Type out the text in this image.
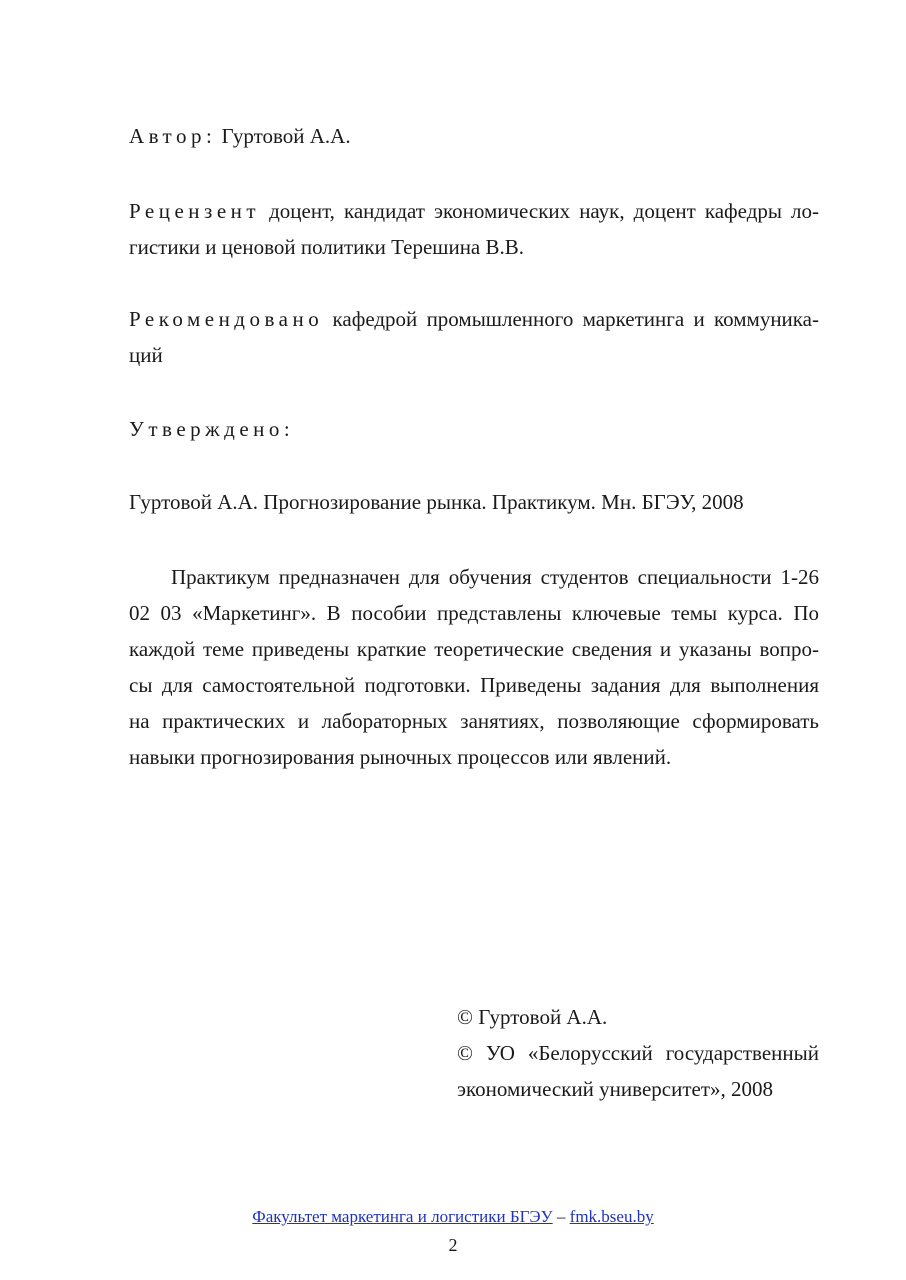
Автор: Гуртовой А.А.
Рецензент доцент, кандидат экономических наук, доцент кафедры ло-
гистики и ценовой политики Терешина В.В.
Рекомендовано кафедрой промышленного маркетинга и коммуника-
ций
Утверждено:
Гуртовой А.А. Прогнозирование рынка. Практикум. Мн. БГЭУ, 2008
Практикум предназначен для обучения студентов специальности 1-26
02 03 «Маркетинг». В пособии представлены ключевые темы курса. По
каждой теме приведены краткие теоретические сведения и указаны вопро-
сы для самостоятельной подготовки. Приведены задания для выполнения
на практических и лабораторных занятиях, позволяющие сформировать
навыки прогнозирования рыночных процессов или явлений.
© Гуртовой А.А.
© УО «Белорусский государственный
экономический университет», 2008
Факультет маркетинга и логистики БГЭУ – fmk.bseu.by
2
